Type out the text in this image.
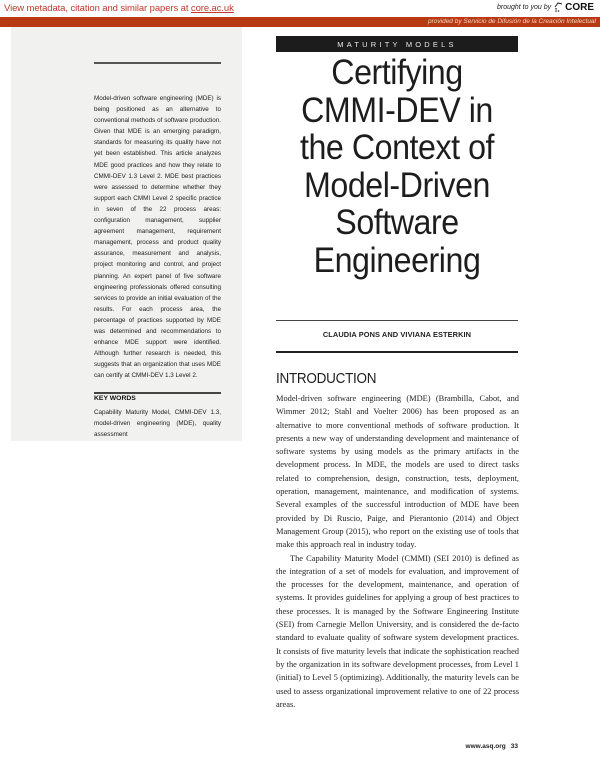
View metadata, citation and similar papers at core.ac.uk	brought to you by CORE
provided by Servicio de Difusión de la Creación Intelectual
Model-driven software engineering (MDE) is being positioned as an alternative to conventional methods of software production. Given that MDE is an emerging paradigm, standards for measuring its quality have not yet been established. This article analyzes MDE good practices and how they relate to CMMI-DEV 1.3 Level 2. MDE best practices were assessed to determine whether they support each CMMI Level 2 specific practice in seven of the 22 process areas: configuration management, supplier agreement management, requirement management, process and product quality assurance, measurement and analysis, project monitoring and control, and project planning. An expert panel of five software engineering professionals offered consulting services to provide an initial evaluation of the results. For each process area, the percentage of practices supported by MDE was determined and recommendations to enhance MDE support were identified. Although further research is needed, this suggests that an organization that uses MDE can certify at CMMI-DEV 1.3 Level 2.
KEY WORDS
Capability Maturity Model, CMMI-DEV 1.3, model-driven engineering (MDE), quality assessment
MATURITY MODELS
Certifying
CMMI-DEV in
the Context of
Model-Driven
Software
Engineering
CLAUDIA PONS AND VIVIANA ESTERKIN
INTRODUCTION

Model-driven software engineering (MDE) (Brambilla, Cabot, and Wimmer 2012; Stahl and Voelter 2006) has been proposed as an alternative to more conventional methods of software production. It presents a new way of understanding development and maintenance of software systems by using models as the primary artifacts in the development process. In MDE, the models are used to direct tasks related to comprehension, design, construction, tests, deployment, operation, management, maintenance, and modification of systems. Several examples of the successful introduction of MDE have been provided by Di Ruscio, Paige, and Pierantonio (2014) and Object Management Group (2015), who report on the existing use of tools that make this approach real in industry today.

The Capability Maturity Model (CMMI) (SEI 2010) is defined as the integration of a set of models for evaluation, and improvement of the processes for the development, maintenance, and operation of systems. It provides guidelines for applying a group of best practices to these processes. It is managed by the Software Engineering Institute (SEI) from Carnegie Mellon University, and is considered the de-facto standard to evaluate quality of software system development practices. It consists of five maturity levels that indicate the sophistication reached by the organization in its software development processes, from Level 1 (initial) to Level 5 (optimizing). Additionally, the maturity levels can be used to assess organizational improvement relative to one of 22 process areas.

www.asq.org 33
